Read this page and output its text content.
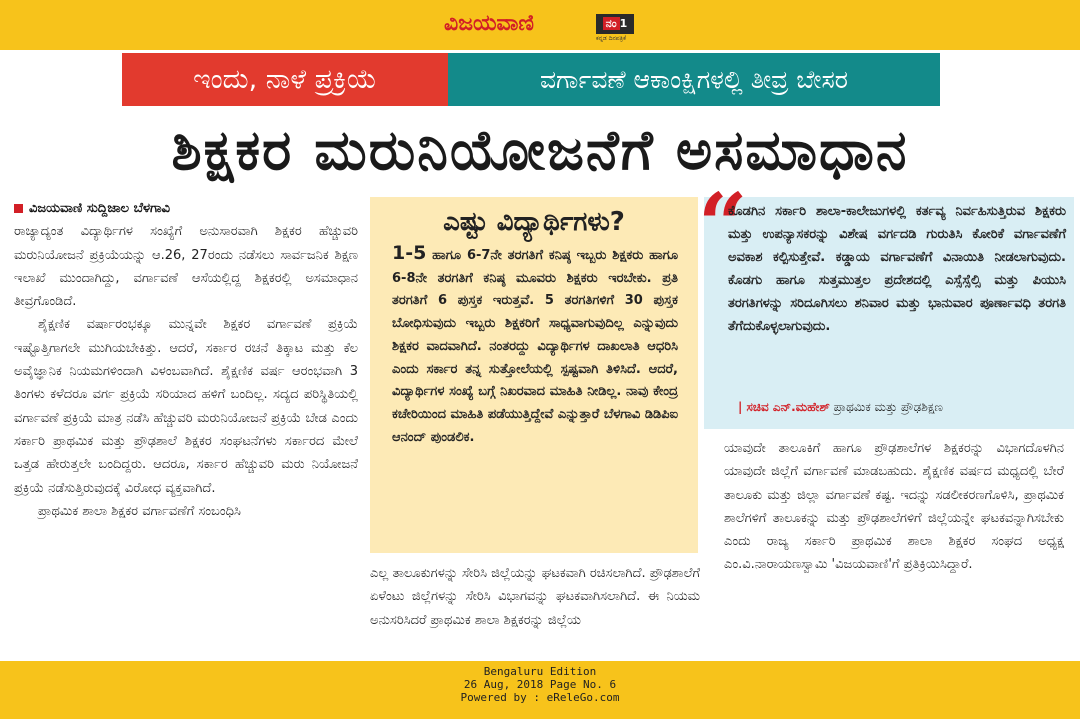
ವಿಜಯವಾಣಿ	ನಂ 1
ಕನ್ನಡ ದಿನಪತ್ರಿಕೆ
ಇಂದು, ನಾಳೆ ಪ್ರಕ್ರಿಯೆ	ವರ್ಗಾವಣೆ ಆಕಾಂಕ್ಷಿಗಳಲ್ಲಿ ತೀವ್ರ ಬೇಸರ
ಶಿಕ್ಷಕರ ಮರುನಿಯೋಜನೆಗೆ ಅಸಮಾಧಾನ

ವಿಜಯವಾಣಿ ಸುದ್ದಿಜಾಲ ಬೆಳಗಾವಿ

ರಾಜ್ಯಾದ್ಯಂತ ವಿದ್ಯಾರ್ಥಿಗಳ ಸಂಖ್ಯೆಗೆ ಅನುಸಾರವಾಗಿ ಶಿಕ್ಷಕರ ಹೆಚ್ಚುವರಿ ಮರುನಿಯೋಜನೆ ಪ್ರಕ್ರಿಯೆಯನ್ನು ಆ.26, 27ರಂದು ನಡೆಸಲು ಸಾರ್ವಜನಿಕ ಶಿಕ್ಷಣ ಇಲಾಖೆ ಮುಂದಾಗಿದ್ದು, ವರ್ಗಾವಣೆ ಆಸೆಯಲ್ಲಿದ್ದ ಶಿಕ್ಷಕರಲ್ಲಿ ಅಸಮಾಧಾನ ತೀವ್ರಗೊಂಡಿದೆ.

ಶೈಕ್ಷಣಿಕ ವರ್ಷಾರಂಭಕ್ಕೂ ಮುನ್ನವೇ ಶಿಕ್ಷಕರ ವರ್ಗಾವಣೆ ಪ್ರಕ್ರಿಯೆ ಇಷ್ಟೊತ್ತಿಗಾಗಲೇ ಮುಗಿಯಬೇಕಿತ್ತು. ಆದರೆ, ಸರ್ಕಾರ ರಚನೆ ತಿಕ್ಕಾಟ ಮತ್ತು ಕೆಲ ಅವೈಜ್ಞಾನಿಕ ನಿಯಮಗಳಿಂದಾಗಿ ವಿಳಂಬವಾಗಿದೆ. ಶೈಕ್ಷಣಿಕ ವರ್ಷ ಆರಂಭವಾಗಿ 3 ತಿಂಗಳು ಕಳೆದರೂ ವರ್ಗ ಪ್ರಕ್ರಿಯೆ ಸರಿಯಾದ ಹಳಿಗೆ ಬಂದಿಲ್ಲ. ಸದ್ಯದ ಪರಿಸ್ಥಿತಿಯಲ್ಲಿ ವರ್ಗಾವಣೆ ಪ್ರಕ್ರಿಯೆ ಮಾತ್ರ ನಡೆಸಿ ಹೆಚ್ಚುವರಿ ಮರುನಿಯೋಜನೆ ಪ್ರಕ್ರಿಯೆ ಬೇಡ ಎಂದು ಸರ್ಕಾರಿ ಪ್ರಾಥಮಿಕ ಮತ್ತು ಪ್ರೌಢಶಾಲೆ ಶಿಕ್ಷಕರ ಸಂಘಟನೆಗಳು ಸರ್ಕಾರದ ಮೇಲೆ ಒತ್ತಡ ಹೇರುತ್ತಲೇ ಬಂದಿದ್ದರು. ಆದರೂ, ಸರ್ಕಾರ ಹೆಚ್ಚುವರಿ ಮರು ನಿಯೋಜನೆ ಪ್ರಕ್ರಿಯೆ ನಡೆಸುತ್ತಿರುವುದಕ್ಕೆ ವಿರೋಧ ವ್ಯಕ್ತವಾಗಿದೆ.

ಪ್ರಾಥಮಿಕ ಶಾಲಾ ಶಿಕ್ಷಕರ ವರ್ಗಾವಣೆಗೆ ಸಂಬಂಧಿಸಿ

ಎಷ್ಟು ವಿದ್ಯಾರ್ಥಿಗಳು?
1-5 ಹಾಗೂ 6-7ನೇ ತರಗತಿಗೆ ಕನಿಷ್ಠ ಇಬ್ಬರು ಶಿಕ್ಷಕರು ಹಾಗೂ 6-8ನೇ ತರಗತಿಗೆ ಕನಿಷ್ಠ ಮೂವರು ಶಿಕ್ಷಕರು ಇರಬೇಕು. ಪ್ರತಿ ತರಗತಿಗೆ 6 ಪುಸ್ತಕ ಇರುತ್ತವೆ. 5 ತರಗತಿಗಳಿಗೆ 30 ಪುಸ್ತಕ ಬೋಧಿಸುವುದು ಇಬ್ಬರು ಶಿಕ್ಷಕರಿಗೆ ಸಾಧ್ಯವಾಗುವುದಿಲ್ಲ ಎನ್ನುವುದು ಶಿಕ್ಷಕರ ವಾದವಾಗಿದೆ. ನಂತರದ್ದು ವಿದ್ಯಾರ್ಥಿಗಳ ದಾಖಲಾತಿ ಆಧರಿಸಿ ಎಂದು ಸರ್ಕಾರ ತನ್ನ ಸುತ್ತೋಲೆಯಲ್ಲಿ ಸ್ಪಷ್ಟವಾಗಿ ತಿಳಿಸಿದೆ. ಆದರೆ, ವಿದ್ಯಾರ್ಥಿಗಳ ಸಂಖ್ಯೆ ಬಗ್ಗೆ ನಿಖರವಾದ ಮಾಹಿತಿ ನೀಡಿಲ್ಲ. ನಾವು ಕೇಂದ್ರ ಕಚೇರಿಯಿಂದ ಮಾಹಿತಿ ಪಡೆಯುತ್ತಿದ್ದೇವೆ ಎನ್ನುತ್ತಾರೆ ಬೆಳಗಾವಿ ಡಿಡಿಪಿಐ ಆನಂದ್ ಪುಂಡಲಿಕ.

ಎಲ್ಲ ತಾಲೂಕುಗಳನ್ನು ಸೇರಿಸಿ ಜಿಲ್ಲೆಯನ್ನು ಘಟಕವಾಗಿ ರಚಿಸಲಾಗಿದೆ. ಪ್ರೌಢಶಾಲೆಗೆ ಏಳೆಂಟು ಜಿಲ್ಲೆಗಳನ್ನು ಸೇರಿಸಿ ವಿಭಾಗವನ್ನು ಘಟಕವಾಗಿಸಲಾಗಿದೆ. ಈ ನಿಯಮ ಅನುಸರಿಸಿದರೆ ಪ್ರಾಥಮಿಕ ಶಾಲಾ ಶಿಕ್ಷಕರನ್ನು ಜಿಲ್ಲೆಯ

“
ಕೊಡಗಿನ ಸರ್ಕಾರಿ ಶಾಲಾ-ಕಾಲೇಜುಗಳಲ್ಲಿ ಕರ್ತವ್ಯ ನಿರ್ವಹಿಸುತ್ತಿರುವ ಶಿಕ್ಷಕರು ಮತ್ತು ಉಪನ್ಯಾಸಕರನ್ನು ವಿಶೇಷ ವರ್ಗದಡಿ ಗುರುತಿಸಿ ಕೋರಿಕೆ ವರ್ಗಾವಣೆಗೆ ಅವಕಾಶ ಕಲ್ಪಿಸುತ್ತೇವೆ. ಕಡ್ಡಾಯ ವರ್ಗಾವಣೆಗೆ ವಿನಾಯಿತಿ ನೀಡಲಾಗುವುದು. ಕೊಡಗು ಹಾಗೂ ಸುತ್ತಮುತ್ತಲ ಪ್ರದೇಶದಲ್ಲಿ ಎಸ್ಸೆಸ್ಸೆಲ್ಸಿ ಮತ್ತು ಪಿಯುಸಿ ತರಗತಿಗಳನ್ನು ಸರಿದೂಗಿಸಲು ಶನಿವಾರ ಮತ್ತು ಭಾನುವಾರ ಪೂರ್ಣಾವಧಿ ತರಗತಿ ತೆಗೆದುಕೊಳ್ಳಲಾಗುವುದು.
| ಸಚಿವ ಎನ್.ಮಹೇಶ್ ಪ್ರಾಥಮಿಕ ಮತ್ತು ಪ್ರೌಢಶಿಕ್ಷಣ

ಯಾವುದೇ ತಾಲೂಕಿಗೆ ಹಾಗೂ ಪ್ರೌಢಶಾಲೆಗಳ ಶಿಕ್ಷಕರನ್ನು ವಿಭಾಗದೊಳಗಿನ ಯಾವುದೇ ಜಿಲ್ಲೆಗೆ ವರ್ಗಾವಣೆ ಮಾಡಬಹುದು. ಶೈಕ್ಷಣಿಕ ವರ್ಷದ ಮಧ್ಯದಲ್ಲಿ ಬೇರೆ ತಾಲೂಕು ಮತ್ತು ಜಿಲ್ಲಾ ವರ್ಗಾವಣೆ ಕಷ್ಟ. ಇದನ್ನು ಸಡಲೀಕರಣಗೊಳಿಸಿ, ಪ್ರಾಥಮಿಕ ಶಾಲೆಗಳಿಗೆ ತಾಲೂಕನ್ನು ಮತ್ತು ಪ್ರೌಢಶಾಲೆಗಳಿಗೆ ಜಿಲ್ಲೆಯನ್ನೇ ಘಟಕವನ್ನಾಗಿಸಬೇಕು ಎಂದು ರಾಜ್ಯ ಸರ್ಕಾರಿ ಪ್ರಾಥಮಿಕ ಶಾಲಾ ಶಿಕ್ಷಕರ ಸಂಘದ ಅಧ್ಯಕ್ಷ ಎಂ.ವಿ.ನಾರಾಯಣಸ್ವಾಮಿ 'ವಿಜಯವಾಣಿ'ಗೆ ಪ್ರತಿಕ್ರಿಯಿಸಿದ್ದಾರೆ.

Bengaluru Edition
26 Aug, 2018 Page No. 6
Powered by : eReleGo.com
